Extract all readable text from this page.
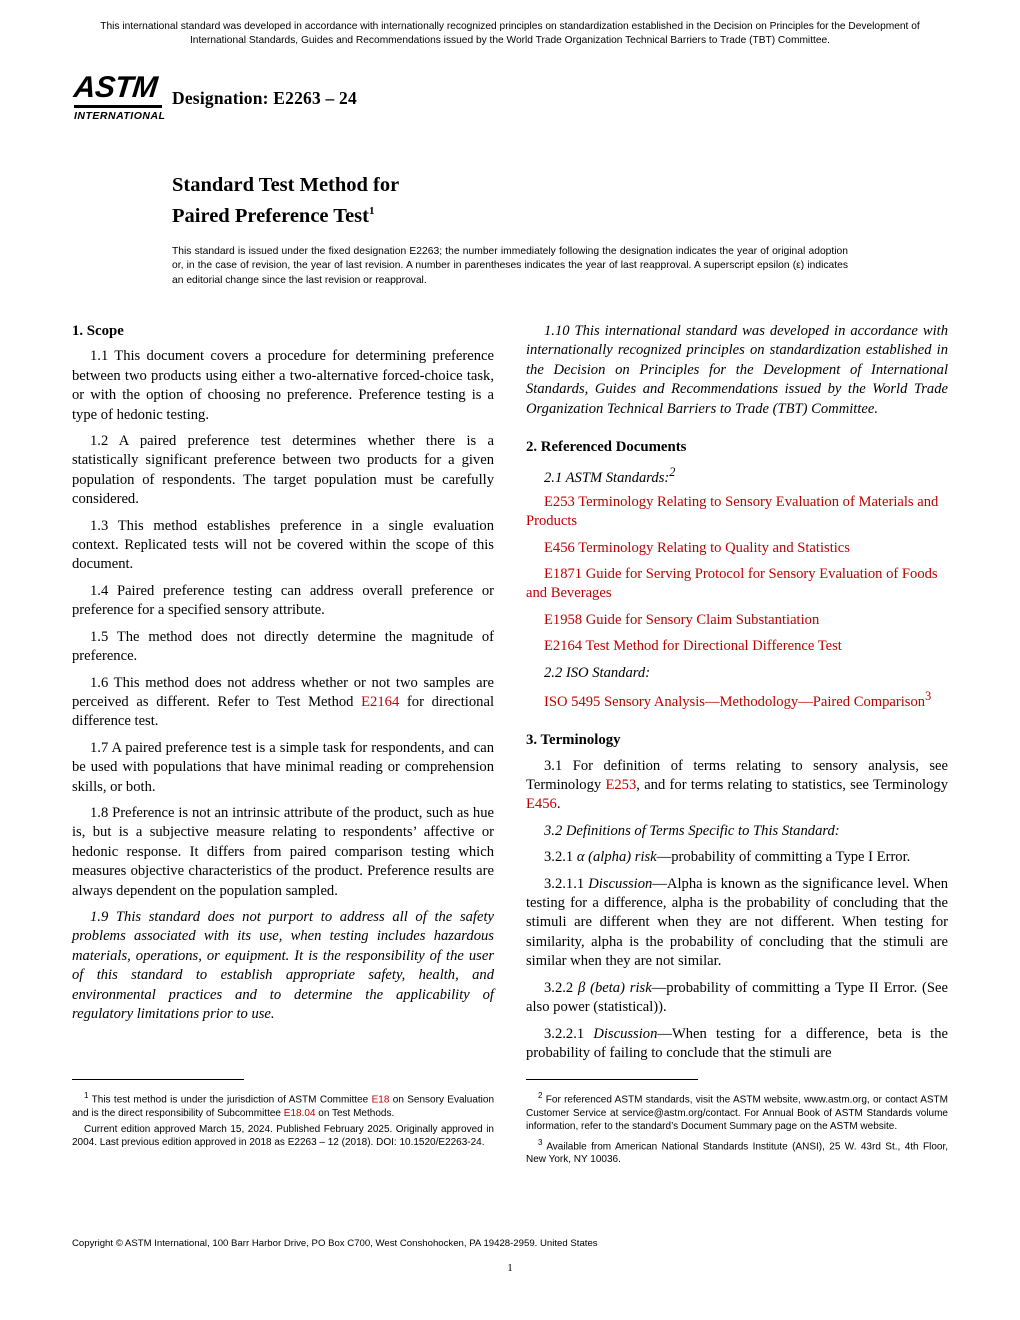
This international standard was developed in accordance with internationally recognized principles on standardization established in the Decision on Principles for the Development of International Standards, Guides and Recommendations issued by the World Trade Organization Technical Barriers to Trade (TBT) Committee.
ASTM
INTERNATIONAL
Designation: E2263 – 24
Standard Test Method for
Paired Preference Test$^1$
This standard is issued under the fixed designation E2263; the number immediately following the designation indicates the year of original adoption or, in the case of revision, the year of last revision. A number in parentheses indicates the year of last reapproval. A superscript epsilon (ε) indicates an editorial change since the last revision or reapproval.
1. Scope

1.1 This document covers a procedure for determining preference between two products using either a two-alternative forced-choice task, or with the option of choosing no preference. Preference testing is a type of hedonic testing.

1.2 A paired preference test determines whether there is a statistically significant preference between two products for a given population of respondents. The target population must be carefully considered.

1.3 This method establishes preference in a single evaluation context. Replicated tests will not be covered within the scope of this document.

1.4 Paired preference testing can address overall preference or preference for a specified sensory attribute.

1.5 The method does not directly determine the magnitude of preference.

1.6 This method does not address whether or not two samples are perceived as different. Refer to Test Method E2164 for directional difference test.

1.7 A paired preference test is a simple task for respondents, and can be used with populations that have minimal reading or comprehension skills, or both.

1.8 Preference is not an intrinsic attribute of the product, such as hue is, but is a subjective measure relating to respondents’ affective or hedonic response. It differs from paired comparison testing which measures objective characteristics of the product. Preference results are always dependent on the population sampled.

1.9 This standard does not purport to address all of the safety problems associated with its use, when testing includes hazardous materials, operations, or equipment. It is the responsibility of the user of this standard to establish appropriate safety, health, and environmental practices and to determine the applicability of regulatory limitations prior to use.

1.10 This international standard was developed in accordance with internationally recognized principles on standardization established in the Decision on Principles for the Development of International Standards, Guides and Recommendations issued by the World Trade Organization Technical Barriers to Trade (TBT) Committee.

2. Referenced Documents

2.1 ASTM Standards:$^2$

E253 Terminology Relating to Sensory Evaluation of Materials and Products

E456 Terminology Relating to Quality and Statistics

E1871 Guide for Serving Protocol for Sensory Evaluation of Foods and Beverages

E1958 Guide for Sensory Claim Substantiation

E2164 Test Method for Directional Difference Test

2.2 ISO Standard:

ISO 5495 Sensory Analysis—Methodology—Paired Comparison$^3$

3. Terminology

3.1 For definition of terms relating to sensory analysis, see Terminology E253, and for terms relating to statistics, see Terminology E456.

3.2 Definitions of Terms Specific to This Standard:

3.2.1 α (alpha) risk—probability of committing a Type I Error.

3.2.1.1 Discussion—Alpha is known as the significance level. When testing for a difference, alpha is the probability of concluding that the stimuli are different when they are not different. When testing for similarity, alpha is the probability of concluding that the stimuli are similar when they are not similar.

3.2.2 β (beta) risk—probability of committing a Type II Error. (See also power (statistical)).

3.2.2.1 Discussion—When testing for a difference, beta is the probability of failing to conclude that the stimuli are

$^1$ This test method is under the jurisdiction of ASTM Committee E18 on Sensory Evaluation and is the direct responsibility of Subcommittee E18.04 on Test Methods.

Current edition approved March 15, 2024. Published February 2025. Originally approved in 2004. Last previous edition approved in 2018 as E2263 – 12 (2018). DOI: 10.1520/E2263-24.

$^2$ For referenced ASTM standards, visit the ASTM website, www.astm.org, or contact ASTM Customer Service at service@astm.org/contact. For Annual Book of ASTM Standards volume information, refer to the standard’s Document Summary page on the ASTM website.

$^3$ Available from American National Standards Institute (ANSI), 25 W. 43rd St., 4th Floor, New York, NY 10036.

Copyright © ASTM International, 100 Barr Harbor Drive, PO Box C700, West Conshohocken, PA 19428-2959. United States
1
